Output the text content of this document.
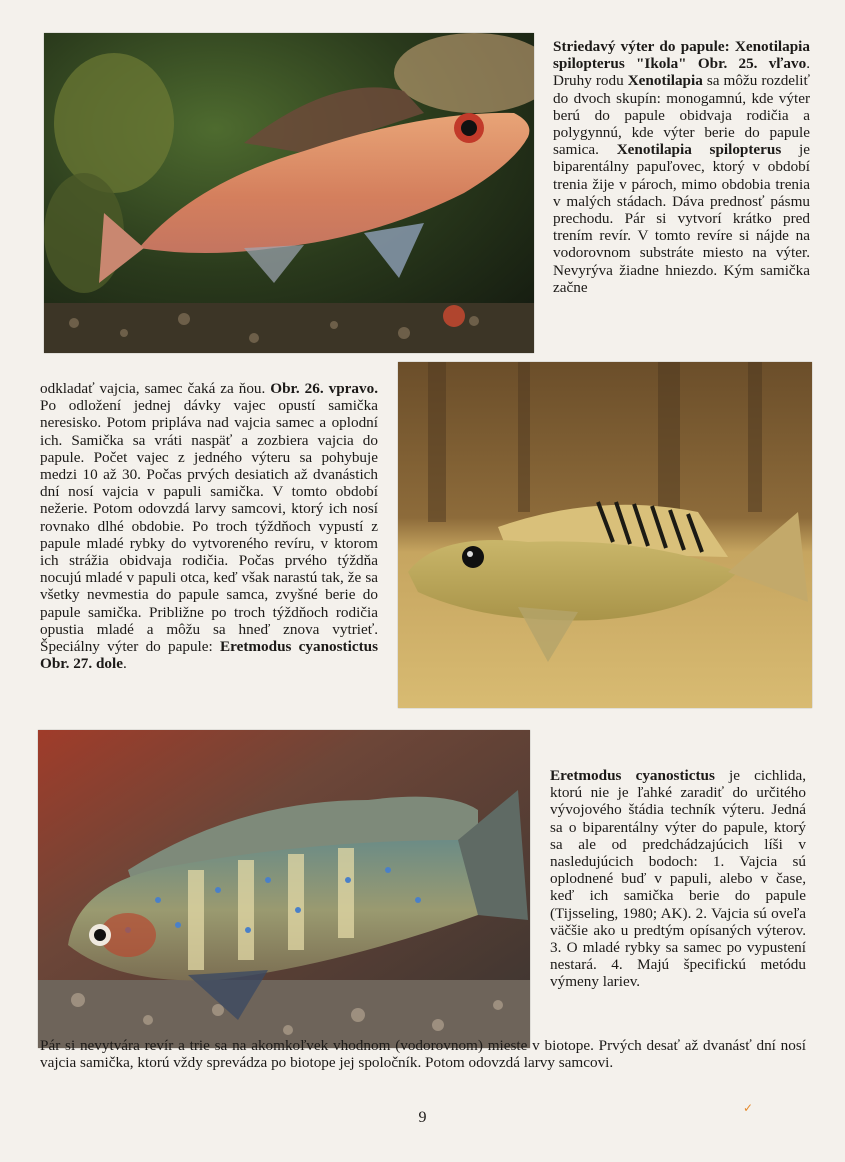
Striedavý výter do papule: Xenotilapia spilopterus "Ikola" Obr. 25. vľavo. Druhy rodu Xenotilapia sa môžu rozdeliť do dvoch skupín: monogamnú, kde výter berú do papule obidvaja rodičia a polygynnú, kde výter berie do papule samica. Xenotilapia spilopterus je biparentálny papuľovec, ktorý v období trenia žije v pároch, mimo obdobia trenia v malých stádach. Dáva prednosť pásmu prechodu. Pár si vytvorí krátko pred trením revír. V tomto revíre si nájde na vodorovnom substráte miesto na výter. Nevyrýva žiadne hniezdo. Kým samička začne

odkladať vajcia, samec čaká za ňou. Obr. 26. vpravo. Po odložení jednej dávky vajec opustí samička neresisko. Potom pripláva nad vajcia samec a oplodní ich. Samička sa vráti naspäť a zozbiera vajcia do papule. Počet vajec z jedného výteru sa pohybuje medzi 10 až 30. Počas prvých desiatich až dvanástich dní nosí vajcia v papuli samička. V tomto období nežerie. Potom odovzdá larvy samcovi, ktorý ich nosí rovnako dlhé obdobie. Po troch týždňoch vypustí z papule mladé rybky do vytvoreného revíru, v ktorom ich strážia obidvaja rodičia. Počas prvého týždňa nocujú mladé v papuli otca, keď však narastú tak, že sa všetky nevmestia do papule samca, zvyšné berie do papule samička. Približne po troch týždňoch rodičia opustia mladé a môžu sa hneď znova vytrieť. Špeciálny výter do papule: Eretmodus cyanostictus Obr. 27. dole.

Eretmodus cyanostictus je cichlida, ktorú nie je ľahké zaradiť do určitého vývojového štádia techník výteru. Jedná sa o biparentálny výter do papule, ktorý sa ale od predchádzajúcich líši v nasledujúcich bodoch: 1. Vajcia sú oplodnené buď v papuli, alebo v čase, keď ich samička berie do papule (Tijsseling, 1980; AK). 2. Vajcia sú oveľa väčšie ako u predtým opísaných výterov. 3. O mladé rybky sa samec po vypustení nestará. 4. Majú špecifickú metódu výmeny lariev.

Pár si nevytvára revír a trie sa na akomkoľvek vhodnom (vodorovnom) mieste v biotope. Prvých desať až dvanásť dní nosí vajcia samička, ktorú vždy sprevádza po biotope jej spoločník. Potom odovzdá larvy samcovi.

✓
9
